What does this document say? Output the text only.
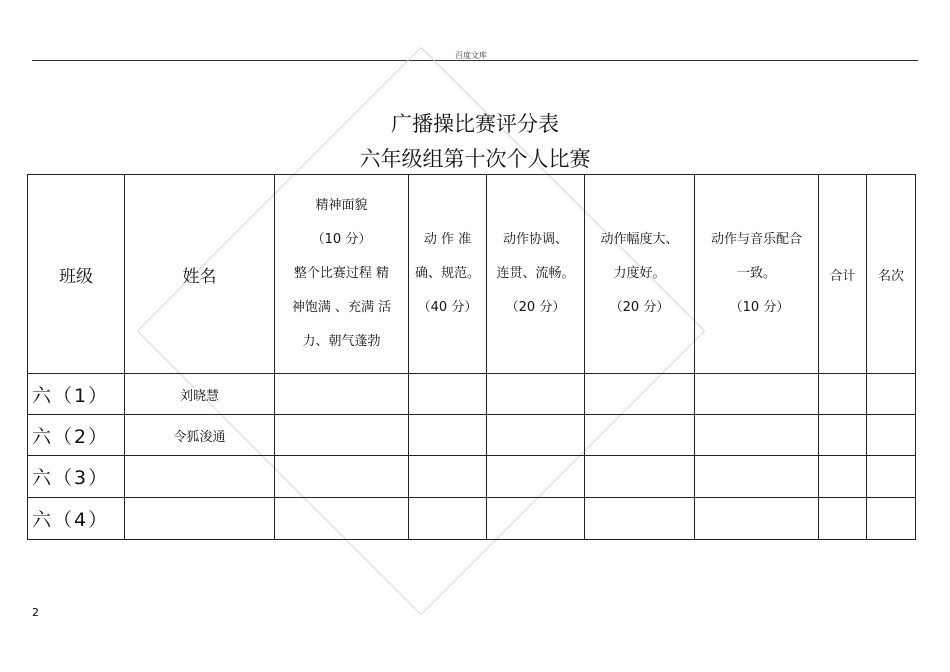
百度文库
广播操比赛评分表
六年级组第十次个人比赛
班级	姓名	精神面貌
（10 分）
整个比赛过程 精
神饱满 、充满 活
力、朝气蓬勃	动 作 准
确、规范。
（40 分）	动作协调、
连贯、流畅。
（20 分）	动作幅度大、
力度好。
（20 分）	动作与音乐配合
一致。
（10 分）	合计	名次
六（1）	刘晓慧							
六（2）	令狐浚通							
六（3）								
六（4）								
2
